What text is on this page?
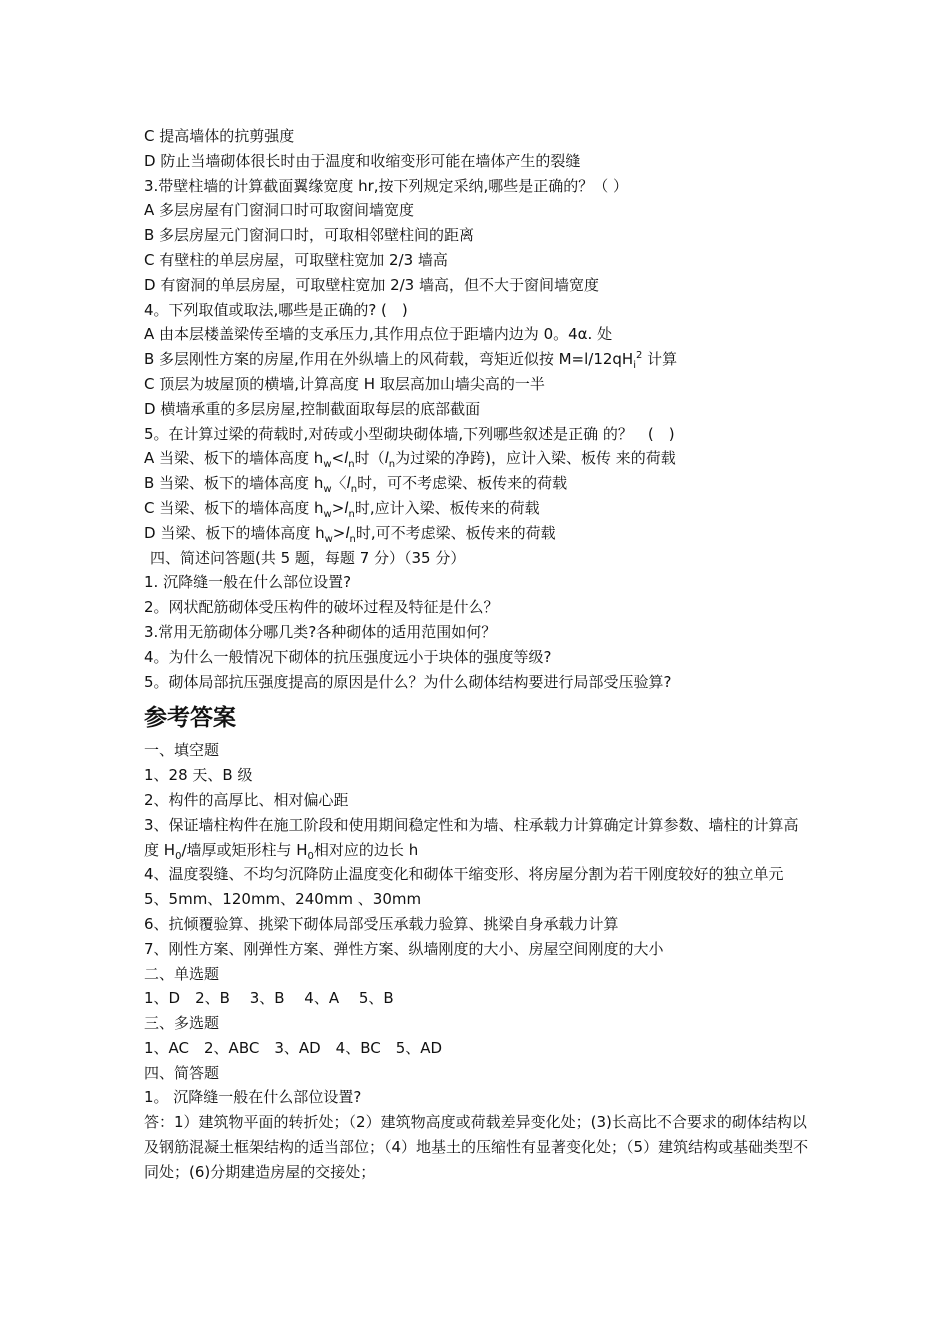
C 提高墙体的抗剪强度

D 防止当墙砌体很长时由于温度和收缩变形可能在墙体产生的裂缝

3.带壁柱墙的计算截面翼缘宽度 hr,按下列规定采纳,哪些是正确的？（ ）

A 多层房屋有门窗洞口时可取窗间墙宽度

B 多层房屋元门窗洞口时，可取相邻壁柱间的距离

C 有壁柱的单层房屋，可取壁柱宽加 2/3 墙高

D 有窗洞的单层房屋，可取壁柱宽加 2/3 墙高，但不大于窗间墙宽度

4。下列取值或取法,哪些是正确的? (　)

A 由本层楼盖梁传至墙的支承压力,其作用点位于距墙内边为 0。4α. 处

B 多层刚性方案的房屋,作用在外纵墙上的风荷载，弯矩近似按 $M=l/12qH_i^2$ 计算

C 顶层为坡屋顶的横墙,计算高度 H 取层高加山墙尖高的一半

D 横墙承重的多层房屋,控制截面取每层的底部截面

5。在计算过梁的荷载时,对砖或小型砌块砌体墙,下列哪些叙述是正确 的？　(　)

A 当梁、板下的墙体高度 $h_w<l_n$时（$l_n$为过梁的净跨)，应计入梁、板传 来的荷载

B 当梁、板下的墙体高度 $h_w$〈$l_n$时，可不考虑梁、板传来的荷载

C 当梁、板下的墙体高度 $h_w>l_n$时,应计入梁、板传来的荷载

D 当梁、板下的墙体高度 $h_w>l_n$时,可不考虑梁、板传来的荷载

四、简述问答题(共 5 题，每题 7 分）（35 分）

1. 沉降缝一般在什么部位设置?

2。网状配筋砌体受压构件的破坏过程及特征是什么？

3.常用无筋砌体分哪几类?各种砌体的适用范围如何？

4。为什么一般情况下砌体的抗压强度远小于块体的强度等级?

5。砌体局部抗压强度提高的原因是什么？为什么砌体结构要进行局部受压验算?

参考答案

一、填空题

1、28 天、B 级

2、构件的高厚比、相对偏心距

3、保证墙柱构件在施工阶段和使用期间稳定性和为墙、柱承载力计算确定计算参数、墙柱的计算高度 $H_0/$墙厚或矩形柱与 $H_0$相对应的边长 h

4、温度裂缝、不均匀沉降防止温度变化和砌体干缩变形、将房屋分割为若干刚度较好的独立单元

5、5mm、120mm、240mm 、30mm

6、抗倾覆验算、挑梁下砌体局部受压承载力验算、挑梁自身承载力计算

7、刚性方案、刚弹性方案、弹性方案、纵墙刚度的大小、房屋空间刚度的大小

二、单选题

1、D　2、B　 3、B　 4、A　 5、B

三、多选题

1、AC　2、ABC　3、AD　4、BC　5、AD

四、简答题

1。 沉降缝一般在什么部位设置?

答：1）建筑物平面的转折处；（2）建筑物高度或荷载差异变化处；(3)长高比不合要求的砌体结构以及钢筋混凝土框架结构的适当部位；（4）地基土的压缩性有显著变化处；（5）建筑结构或基础类型不同处；(6)分期建造房屋的交接处；
